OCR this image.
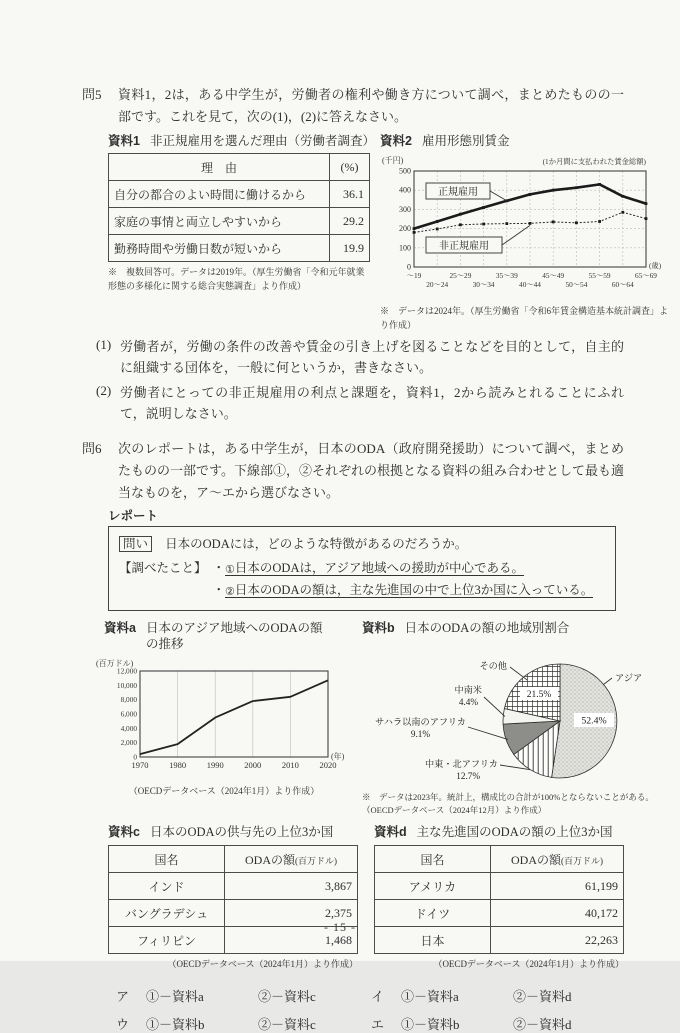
問5	資料1，2は，ある中学生が，労働者の権利や働き方について調べ，まとめたものの一部です。これを見て，次の(1)，(2)に答えなさい。
資料1 非正規雇用を選んだ理由（労働者調査）
理　由	(%)
自分の都合のよい時間に働けるから	36.1
家庭の事情と両立しやすいから	29.2
勤務時間や労働日数が短いから	19.9
※　複数回答可。データは2019年。（厚生労働省「令和元年就業形態の多様化に関する総合実態調査」より作成）
資料2 雇用形態別賃金
0
100
200
300
400
500
(千円)	(1か月間に支払われた賃金総額)
正規雇用
非正規雇用
～19
20～24
25～29
30～34
35～39
40～44
45～49
50～54
55～59
60～64
65～69
(歳)
※　データは2024年。（厚生労働省「令和6年賃金構造基本統計調査」より作成）
(1) 労働者が，労働の条件の改善や賃金の引き上げを図ることなどを目的として，自主的に組織する団体を，一般に何というか，書きなさい。
(2) 労働者にとっての非正規雇用の利点と課題を，資料1，2から読みとれることにふれて，説明しなさい。
問6	次のレポートは，ある中学生が，日本のODA（政府開発援助）について調べ，まとめたものの一部です。下線部①，②それぞれの根拠となる資料の組み合わせとして最も適当なものを，ア～エから選びなさい。
レポート
問い 日本のODAには，どのような特徴があるのだろうか。
【調べたこと】 ・①日本のODAは，アジア地域への援助が中心である。
・②日本のODAの額は，主な先進国の中で上位3か国に入っている。
資料a 日本のアジア地域へのODAの額の推移
0
2,000
4,000
6,000
8,000
10,000
12,000
(百万ドル)
1970 1980 1990 2000 2010 2020
(年)
（OECDデータベース（2024年1月）より作成）
資料b 日本のODAの額の地域別割合
アジア
その他
中南米
4.4%
サハラ以南のアフリカ
9.1%
中東・北アフリカ
12.7%
52.4%
21.5%
※　データは2023年。統計上，構成比の合計が100%とならないことがある。（OECDデータベース（2024年12月）より作成）
資料c 日本のODAの供与先の上位3か国
国名	ODAの額(百万ドル)
インド	3,867
バングラデシュ	2,375
フィリピン	1,468
（OECDデータベース（2024年1月）より作成）
資料d 主な先進国のODAの額の上位3か国
国名	ODAの額(百万ドル)
アメリカ	61,199
ドイツ	40,172
日本	22,263
（OECDデータベース（2024年1月）より作成）
ア	①－資料a	②－資料c	イ	①－資料a	②－資料d
ウ	①－資料b	②－資料c	エ	①－資料b	②－資料d
- 15 -
